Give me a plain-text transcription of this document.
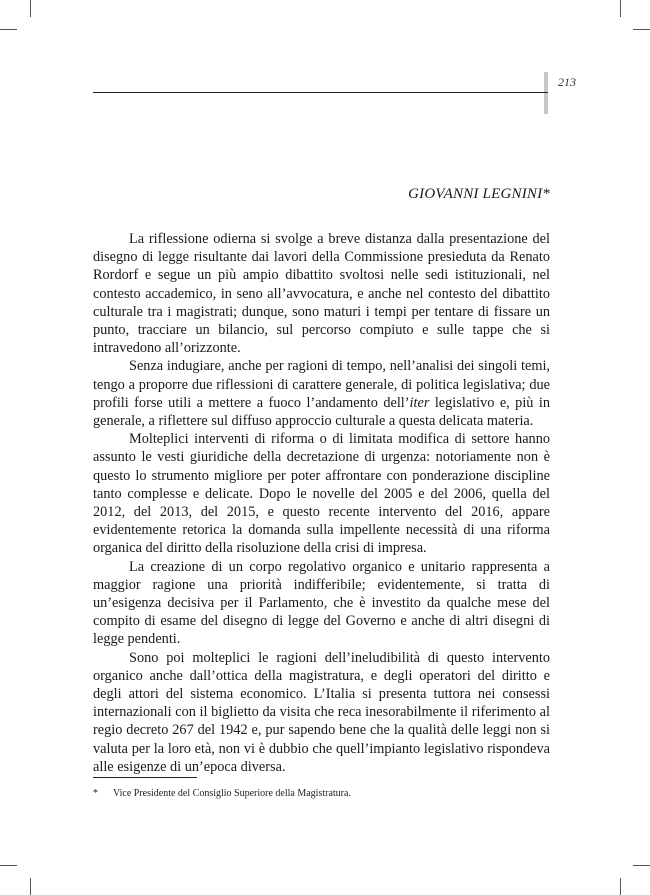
213
GIOVANNI LEGNINI*

La riflessione odierna si svolge a breve distanza dalla presentazione del disegno di legge risultante dai lavori della Commissione presieduta da Renato Rordorf e segue un più ampio dibattito svoltosi nelle sedi istituzionali, nel contesto accademico, in seno all’avvocatura, e anche nel contesto del dibattito culturale tra i magistrati; dunque, sono maturi i tempi per tentare di fissare un punto, tracciare un bilancio, sul percorso compiuto e sulle tappe che si intravedono all’orizzonte.

Senza indugiare, anche per ragioni di tempo, nell’analisi dei singoli temi, tengo a proporre due riflessioni di carattere generale, di politica legislativa; due profili forse utili a mettere a fuoco l’andamento dell’iter legislativo e, più in generale, a riflettere sul diffuso approccio culturale a questa delicata materia.

Molteplici interventi di riforma o di limitata modifica di settore hanno assunto le vesti giuridiche della decretazione di urgenza: notoriamente non è questo lo strumento migliore per poter affrontare con ponderazione discipline tanto complesse e delicate. Dopo le novelle del 2005 e del 2006, quella del 2012, del 2013, del 2015, e questo recente intervento del 2016, appare evidentemente retorica la domanda sulla impellente necessità di una riforma organica del diritto della risoluzione della crisi di impresa.

La creazione di un corpo regolativo organico e unitario rappresenta a maggior ragione una priorità indifferibile; evidentemente, si tratta di un’esigenza decisiva per il Parlamento, che è investito da qualche mese del compito di esame del disegno di legge del Governo e anche di altri disegni di legge pendenti.

Sono poi molteplici le ragioni dell’ineludibilità di questo intervento organico anche dall’ottica della magistratura, e degli operatori del diritto e degli attori del sistema economico. L’Italia si presenta tuttora nei consessi internazionali con il biglietto da visita che reca inesorabilmente il riferimento al regio decreto 267 del 1942 e, pur sapendo bene che la qualità delle leggi non si valuta per la loro età, non vi è dubbio che quell’impianto legislativo rispondeva alle esigenze di un’epoca diversa.

* Vice Presidente del Consiglio Superiore della Magistratura.
